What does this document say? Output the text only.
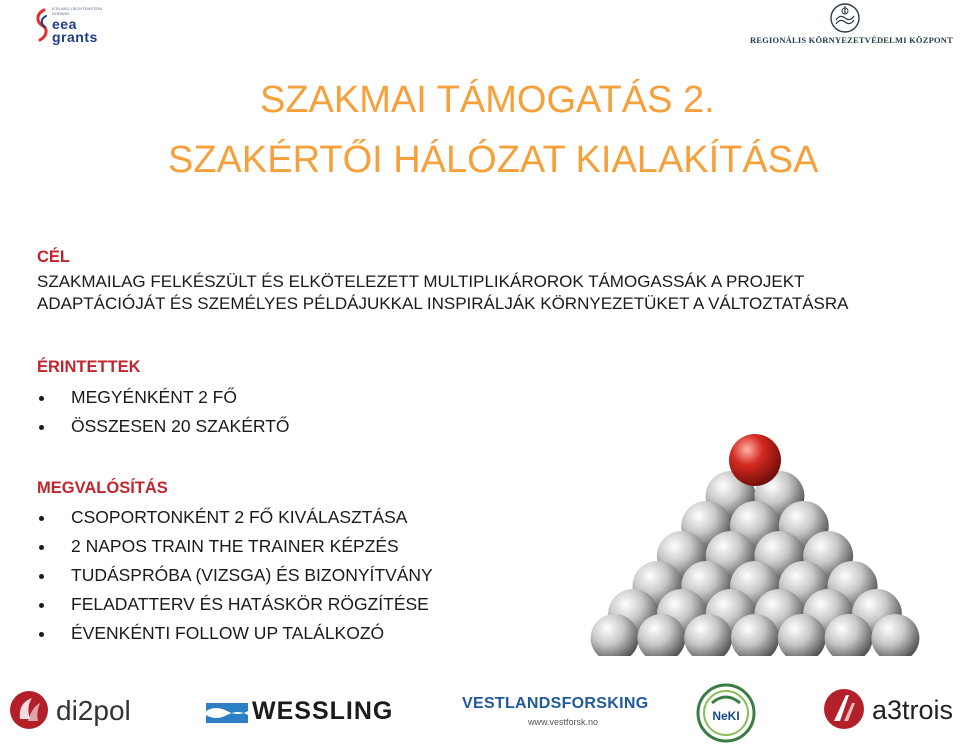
ICELAND LIECHTENSTEIN NORWAY
eea
grants	REGIONÁLIS KÖRNYEZETVÉDELMI KÖZPONT
SZAKMAI TÁMOGATÁS 2.
SZAKÉRTŐI HÁLÓZAT KIALAKÍTÁSA
CÉL
SZAKMAILAG FELKÉSZÜLT ÉS ELKÖTELEZETT MULTIPLIKÁROROK TÁMOGASSÁK A PROJEKT
ADAPTÁCIÓJÁT ÉS SZEMÉLYES PÉLDÁJUKKAL INSPIRÁLJÁK KÖRNYEZETÜKET A VÁLTOZTATÁSRA
ÉRINTETTEK
MEGYÉNKÉNT 2 FŐ
ÖSSZESEN 20 SZAKÉRTŐ
MEGVALÓSÍTÁS
CSOPORTONKÉNT 2 FŐ KIVÁLASZTÁSA
2 NAPOS TRAIN THE TRAINER KÉPZÉS
TUDÁSPRÓBA (VIZSGA) ÉS BIZONYÍTVÁNY
FELADATTERV ÉS HATÁSKÖR RÖGZÍTÉSE
ÉVENKÉNTI FOLLOW UP TALÁLKOZÓ
di2pol	WESSLING	VESTLANDSFORSKING
www.vestforsk.no	NeKI	a3trois
